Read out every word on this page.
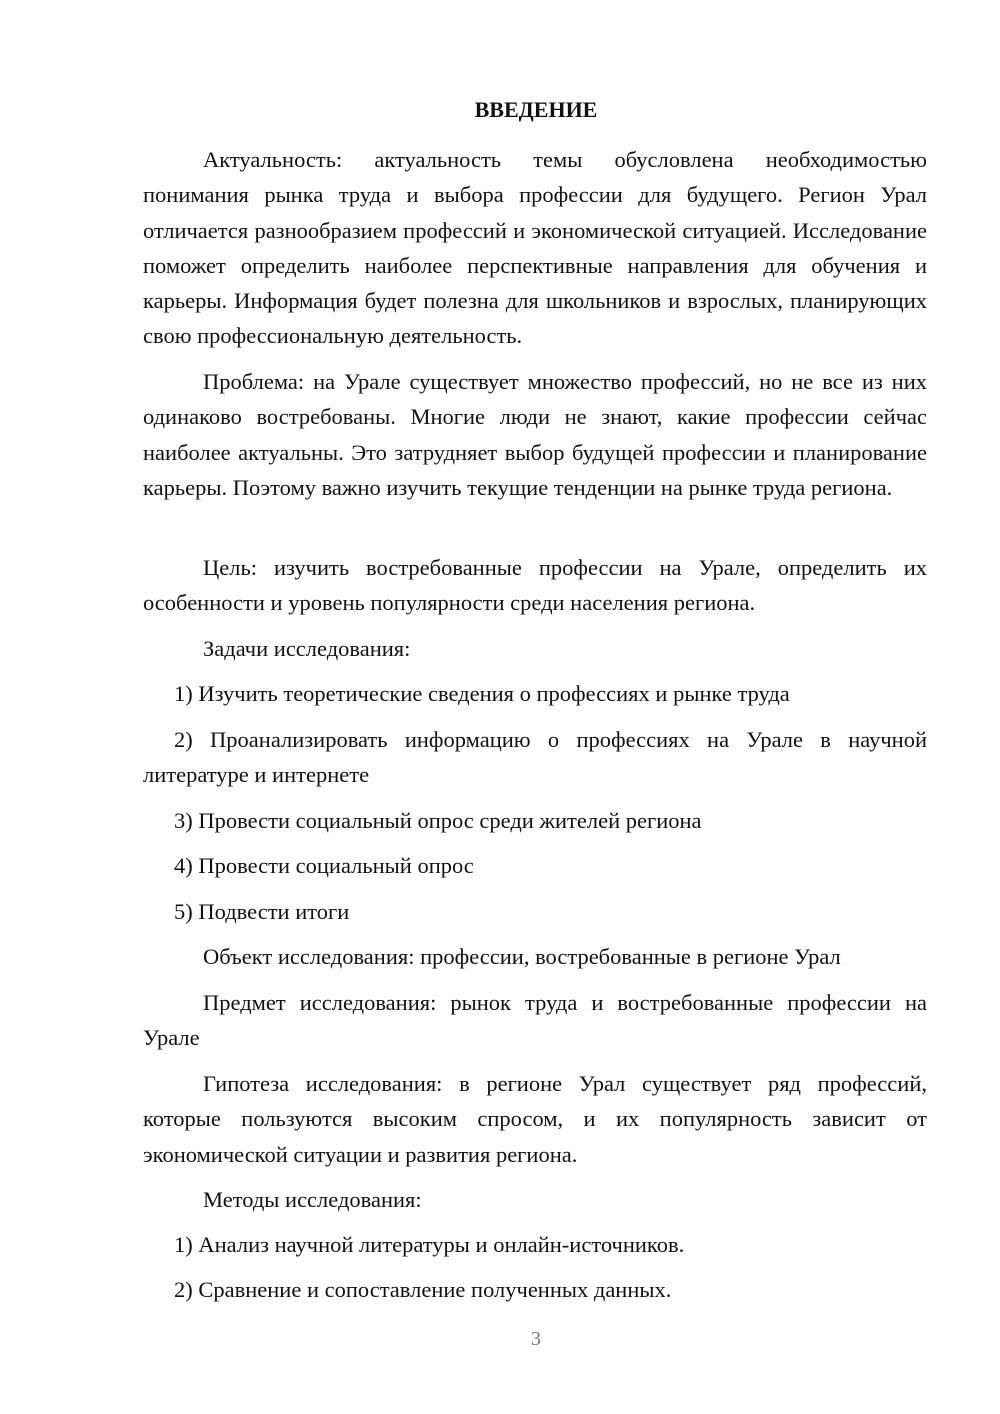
ВВЕДЕНИЕ

Актуальность: актуальность темы обусловлена необходимостью понимания рынка труда и выбора профессии для будущего. Регион Урал отличается разнообразием профессий и экономической ситуацией. Исследование поможет определить наиболее перспективные направления для обучения и карьеры. Информация будет полезна для школьников и взрослых, планирующих свою профессиональную деятельность.

Проблема: на Урале существует множество профессий, но не все из них одинаково востребованы. Многие люди не знают, какие профессии сейчас наиболее актуальны. Это затрудняет выбор будущей профессии и планирование карьеры. Поэтому важно изучить текущие тенденции на рынке труда региона.

Цель: изучить востребованные профессии на Урале, определить их особенности и уровень популярности среди населения региона.

Задачи исследования:

1) Изучить теоретические сведения о профессиях и рынке труда

2) Проанализировать информацию о профессиях на Урале в научной литературе и интернете

3) Провести социальный опрос среди жителей региона

4) Провести социальный опрос

5) Подвести итоги

Объект исследования: профессии, востребованные в регионе Урал

Предмет исследования: рынок труда и востребованные профессии на Урале

Гипотеза исследования: в регионе Урал существует ряд профессий, которые пользуются высоким спросом, и их популярность зависит от экономической ситуации и развития региона.

Методы исследования:

1) Анализ научной литературы и онлайн-источников.

2) Сравнение и сопоставление полученных данных.

3
